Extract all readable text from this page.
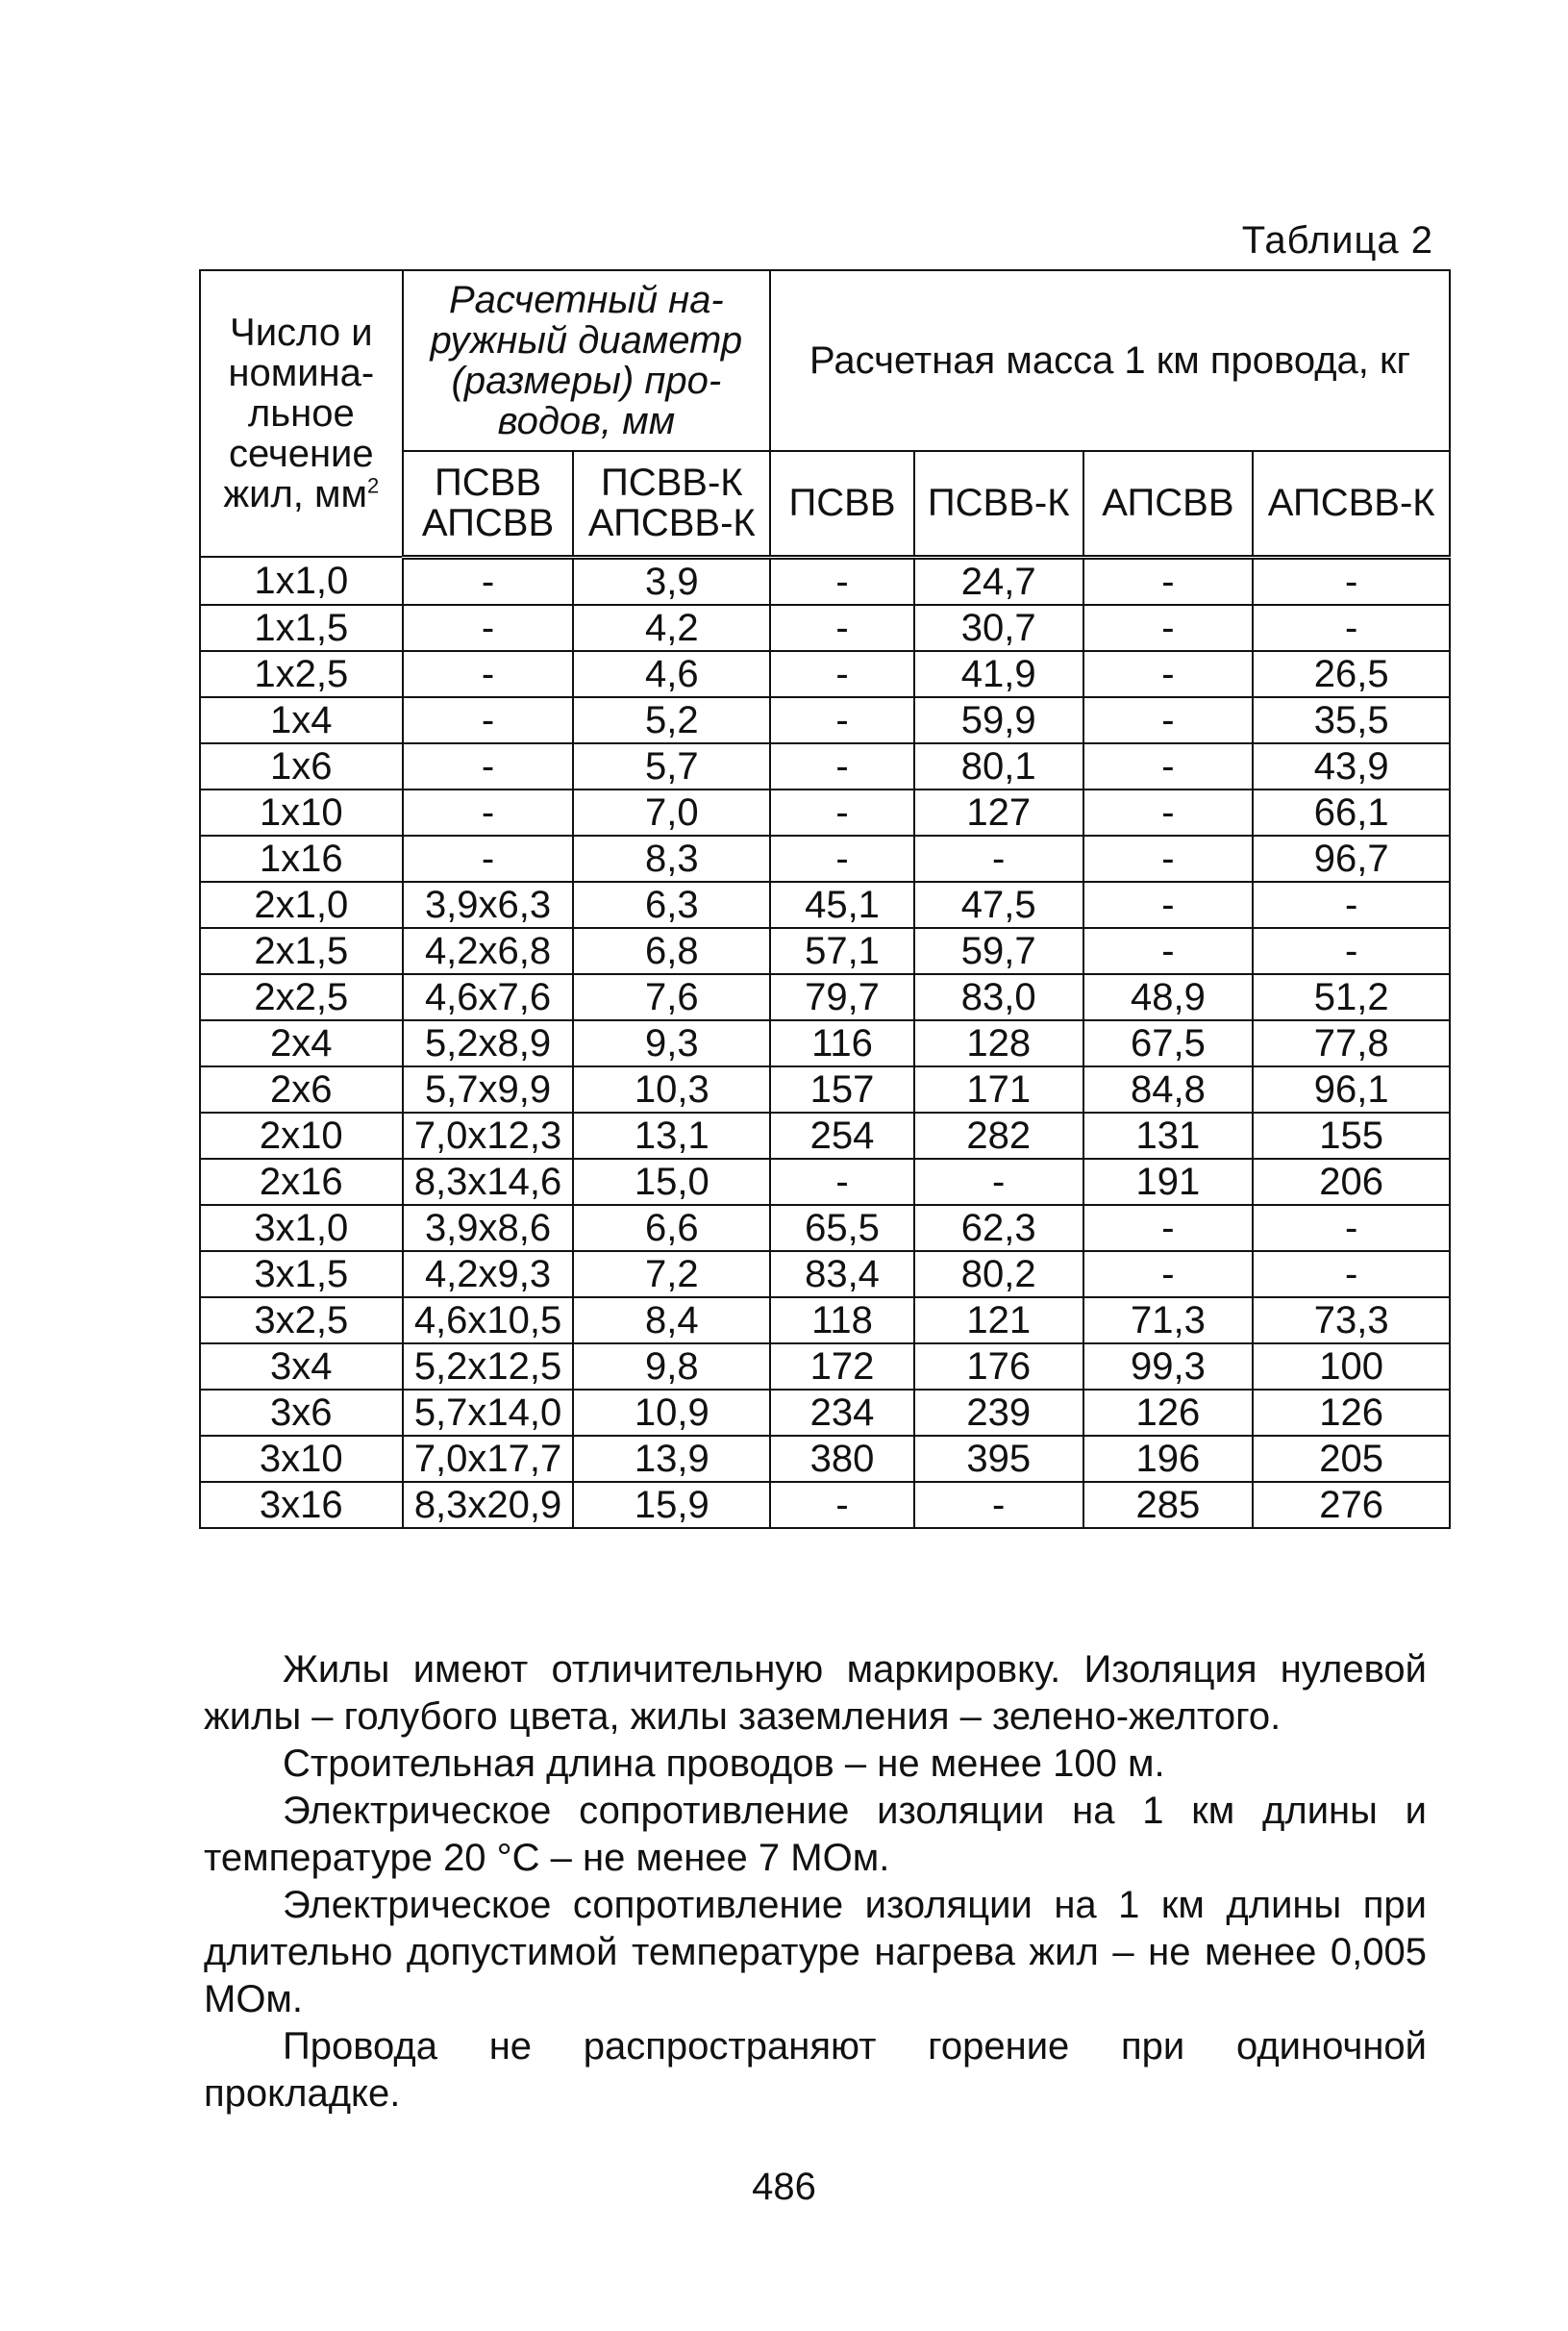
Таблица 2
Число и номина-льное сечение жил, $мм^2$	Расчетный на-ружный диаметр (размеры) про-водов, мм		Расчетная масса 1 км провода, кг			
	ПСВВ АПСВВ	ПСВВ-К АПСВВ-К	ПСВВ	ПСВВ-К	АПСВВ	АПСВВ-К
1x1,0	-	3,9	-	24,7	-	-
1x1,5	-	4,2	-	30,7	-	-
1x2,5	-	4,6	-	41,9	-	26,5
1x4	-	5,2	-	59,9	-	35,5
1x6	-	5,7	-	80,1	-	43,9
1x10	-	7,0	-	127	-	66,1
1x16	-	8,3	-	-	-	96,7
2x1,0	3,9x6,3	6,3	45,1	47,5	-	-
2x1,5	4,2x6,8	6,8	57,1	59,7	-	-
2x2,5	4,6x7,6	7,6	79,7	83,0	48,9	51,2
2x4	5,2x8,9	9,3	116	128	67,5	77,8
2x6	5,7x9,9	10,3	157	171	84,8	96,1
2x10	7,0x12,3	13,1	254	282	131	155
2x16	8,3x14,6	15,0	-	-	191	206
3x1,0	3,9x8,6	6,6	65,5	62,3	-	-
3x1,5	4,2x9,3	7,2	83,4	80,2	-	-
3x2,5	4,6x10,5	8,4	118	121	71,3	73,3
3x4	5,2x12,5	9,8	172	176	99,3	100
3x6	5,7x14,0	10,9	234	239	126	126
3x10	7,0x17,7	13,9	380	395	196	205
3x16	8,3x20,9	15,9	-	-	285	276

Жилы имеют отличительную маркировку. Изоляция нулевой жилы – голубого цвета, жилы заземления – зелено-желтого.

Строительная длина проводов – не менее 100 м.

Электрическое сопротивление изоляции на 1 км длины и температуре 20 °С – не менее 7 МОм.

Электрическое сопротивление изоляции на 1 км длины при длительно допустимой температуре нагрева жил – не менее 0,005 МОм.

Провода не распространяют горение при одиночной прокладке.

486
